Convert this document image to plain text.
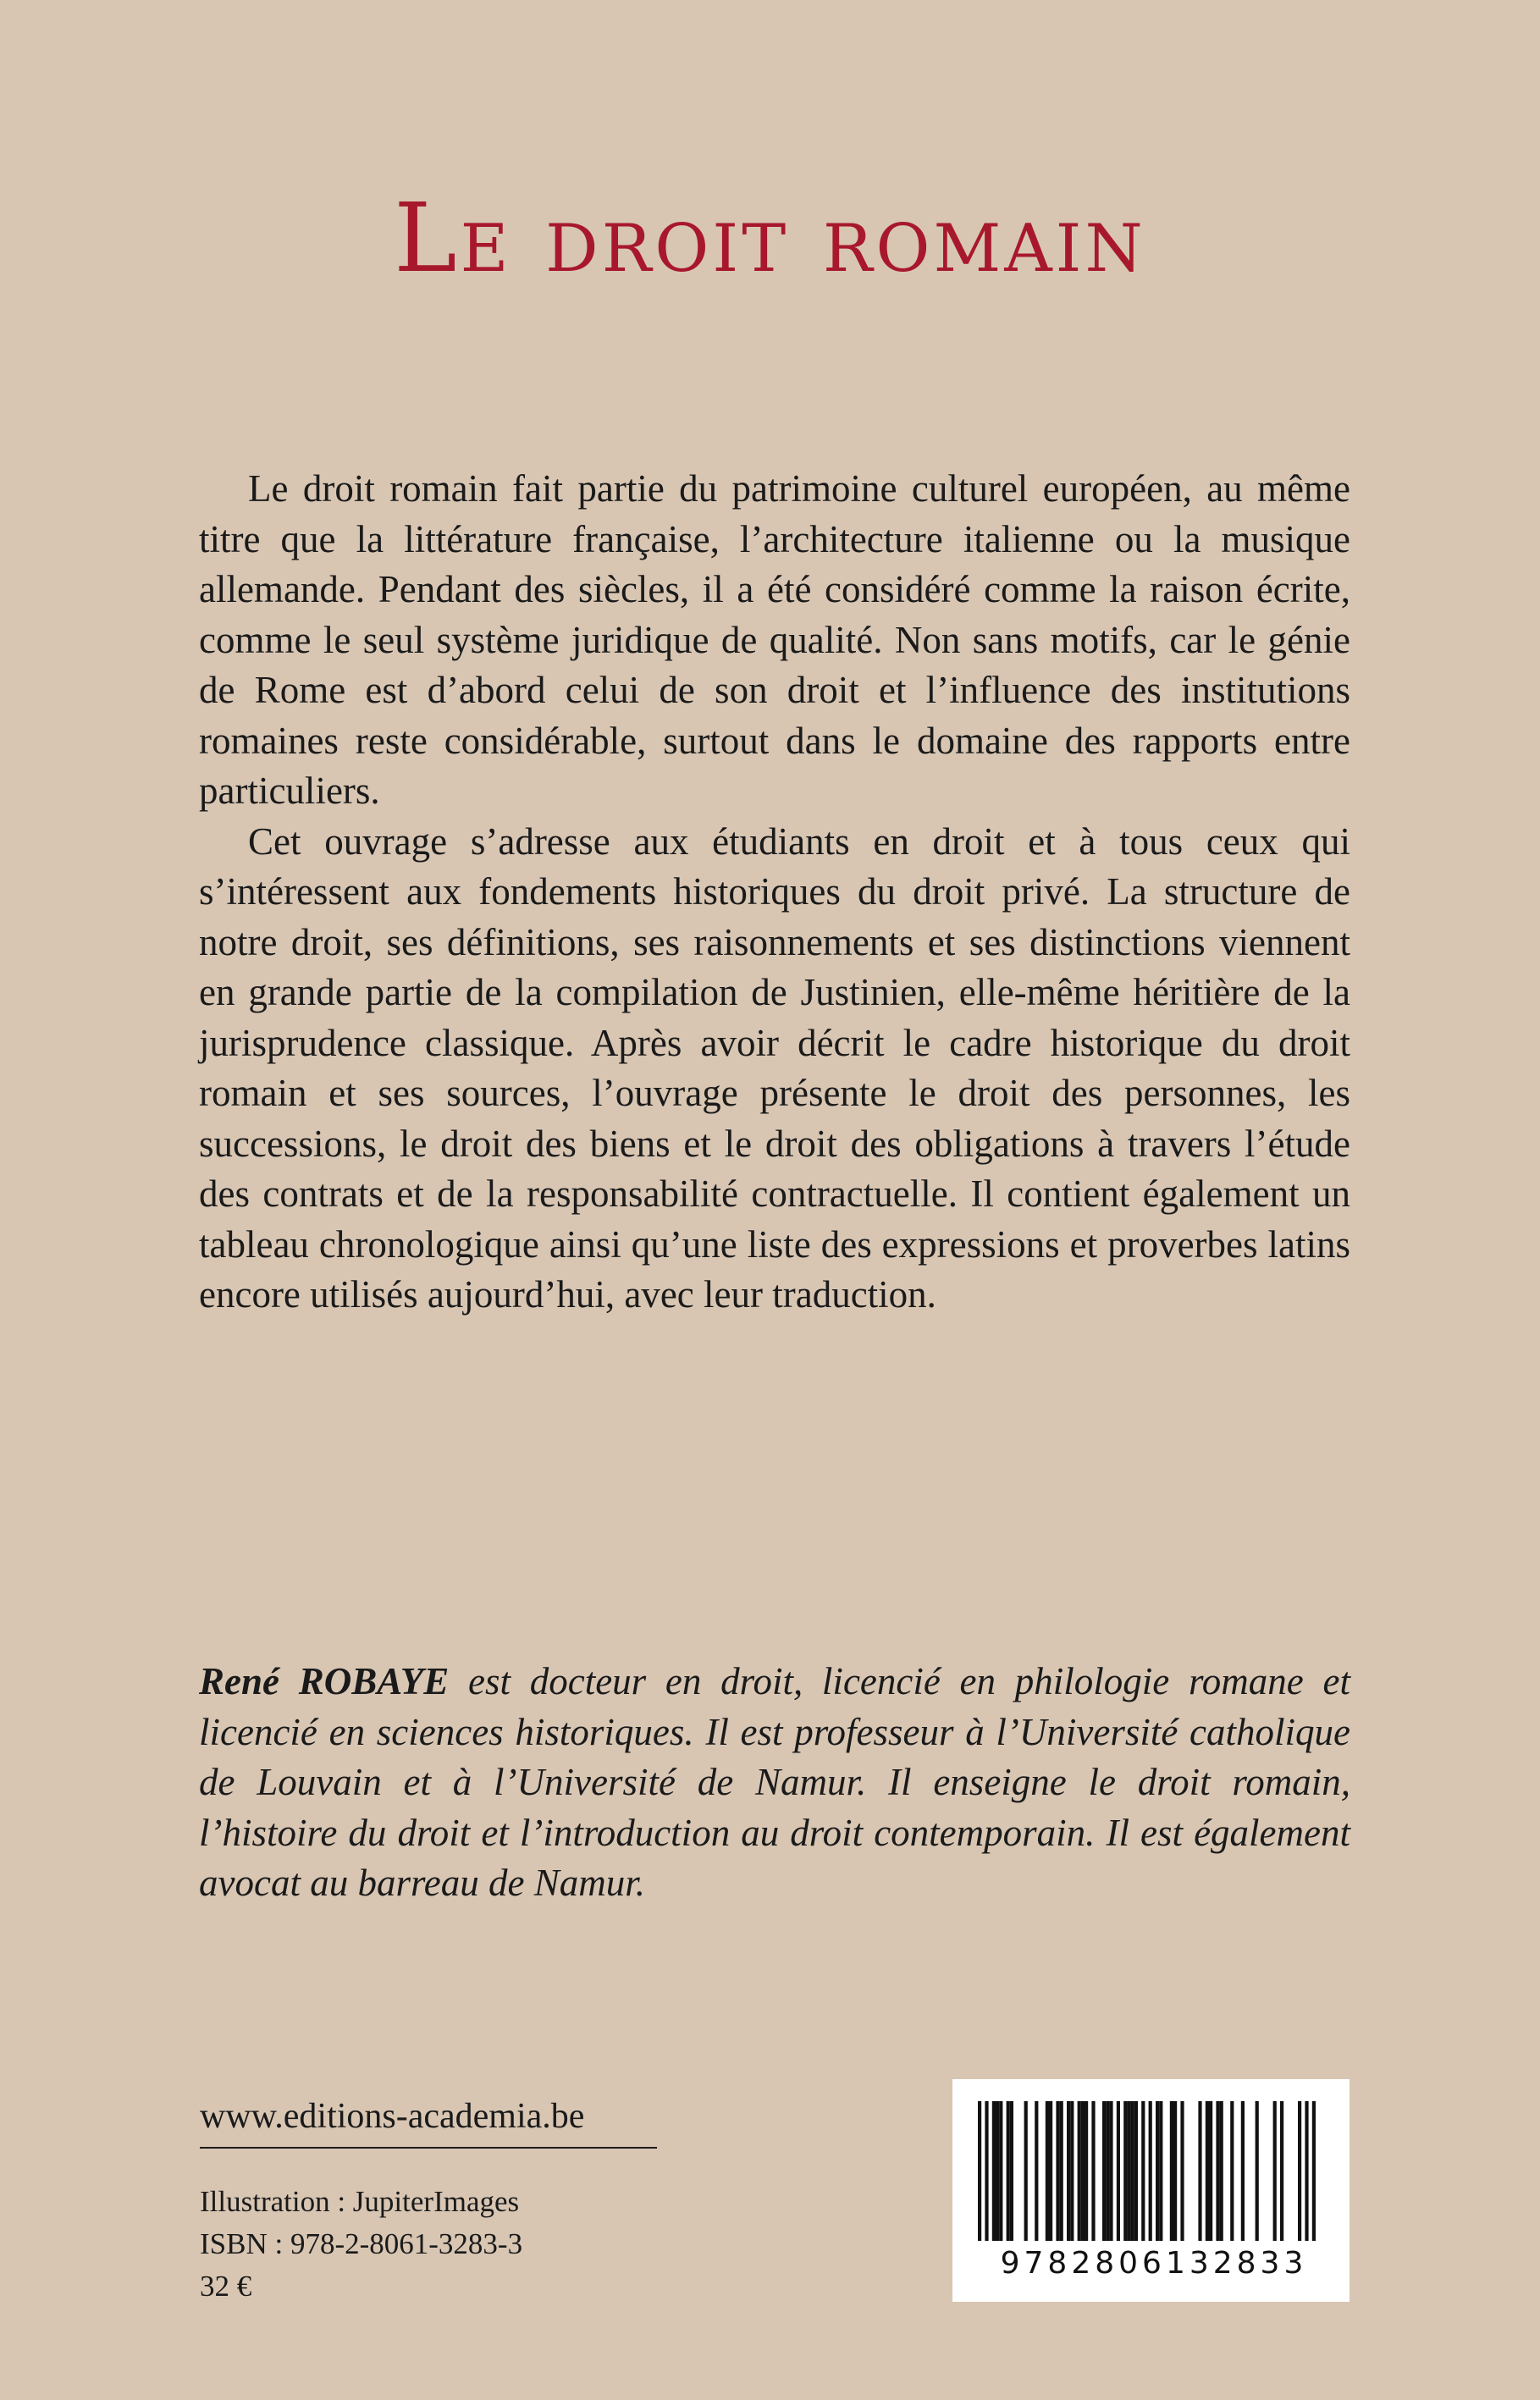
Le droit romain

Le droit romain fait partie du patrimoine culturel européen, au même titre que la littérature française, l’architecture italienne ou la musique allemande. Pendant des siècles, il a été considéré comme la raison écrite, comme le seul système juridique de qualité. Non sans motifs, car le génie de Rome est d’abord celui de son droit et l’influence des institutions romaines reste considérable, surtout dans le domaine des rapports entre particuliers.

Cet ouvrage s’adresse aux étudiants en droit et à tous ceux qui s’intéressent aux fondements historiques du droit privé. La structure de notre droit, ses définitions, ses raisonnements et ses distinctions viennent en grande partie de la compilation de Justinien, elle-même héritière de la jurisprudence classique. Après avoir décrit le cadre historique du droit romain et ses sources, l’ouvrage présente le droit des personnes, les successions, le droit des biens et le droit des obligations à travers l’étude des contrats et de la responsabilité contractuelle. Il contient également un tableau chronologique ainsi qu’une liste des expressions et proverbes latins encore utilisés aujourd’hui, avec leur traduction.

René ROBAYE est docteur en droit, licencié en philologie romane et licencié en sciences historiques. Il est professeur à l’Université catholique de Louvain et à l’Université de Namur. Il enseigne le droit romain, l’histoire du droit et l’introduction au droit contemporain. Il est également avocat au barreau de Namur.

www.editions-academia.be
Illustration : JupiterImages
ISBN : 978-2-8061-3283-3
32 €
9782806132833
